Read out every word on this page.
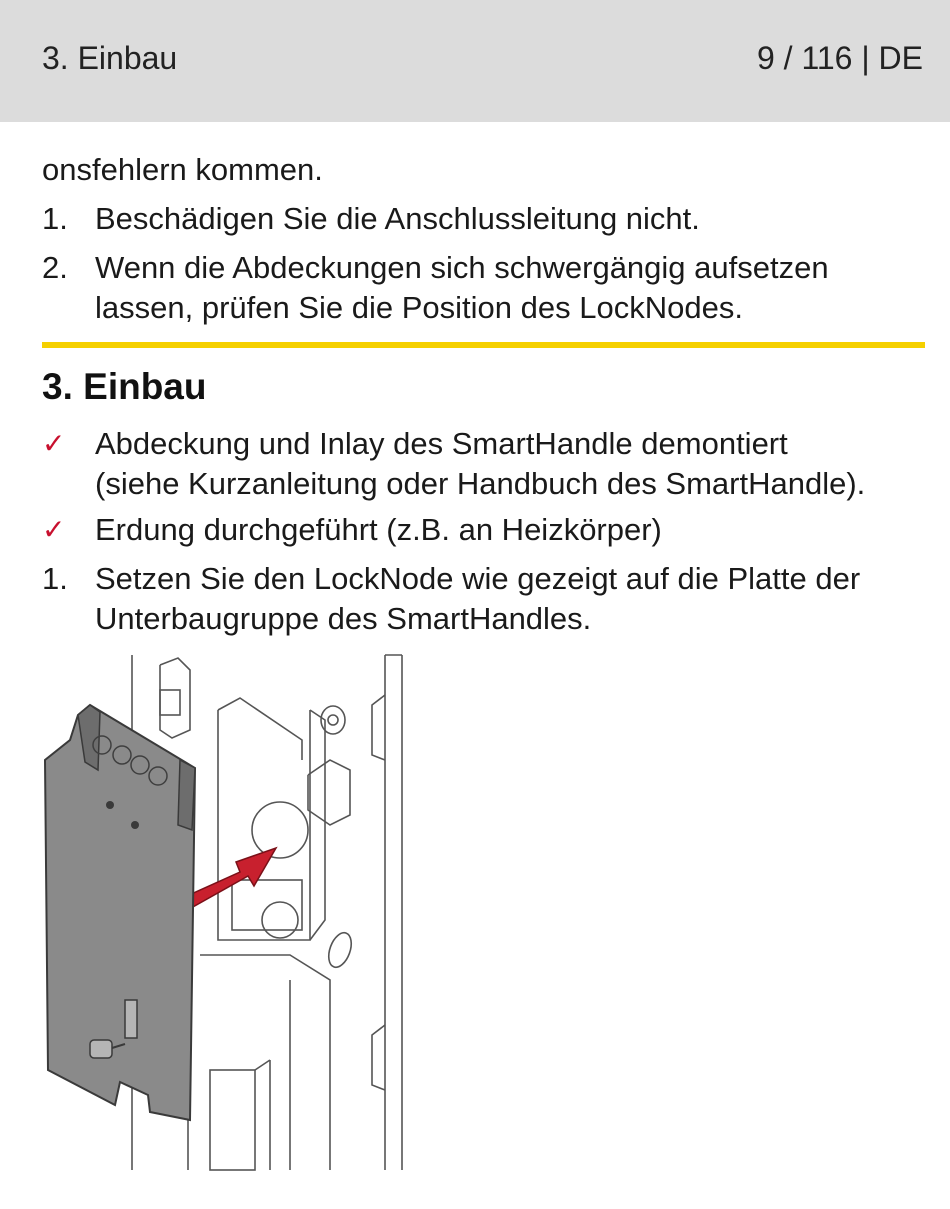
3. Einbau	9 / 116 | DE
onsfehlern kommen.
1. Beschädigen Sie die Anschlussleitung nicht.
2. Wenn die Abdeckungen sich schwergängig aufsetzen
lassen, prüfen Sie die Position des LockNodes.
3. Einbau
✓ Abdeckung und Inlay des SmartHandle demontiert
(siehe Kurzanleitung oder Handbuch des SmartHandle).
✓ Erdung durchgeführt (z.B. an Heizkörper)
1. Setzen Sie den LockNode wie gezeigt auf die Platte der
Unterbaugruppe des SmartHandles.
